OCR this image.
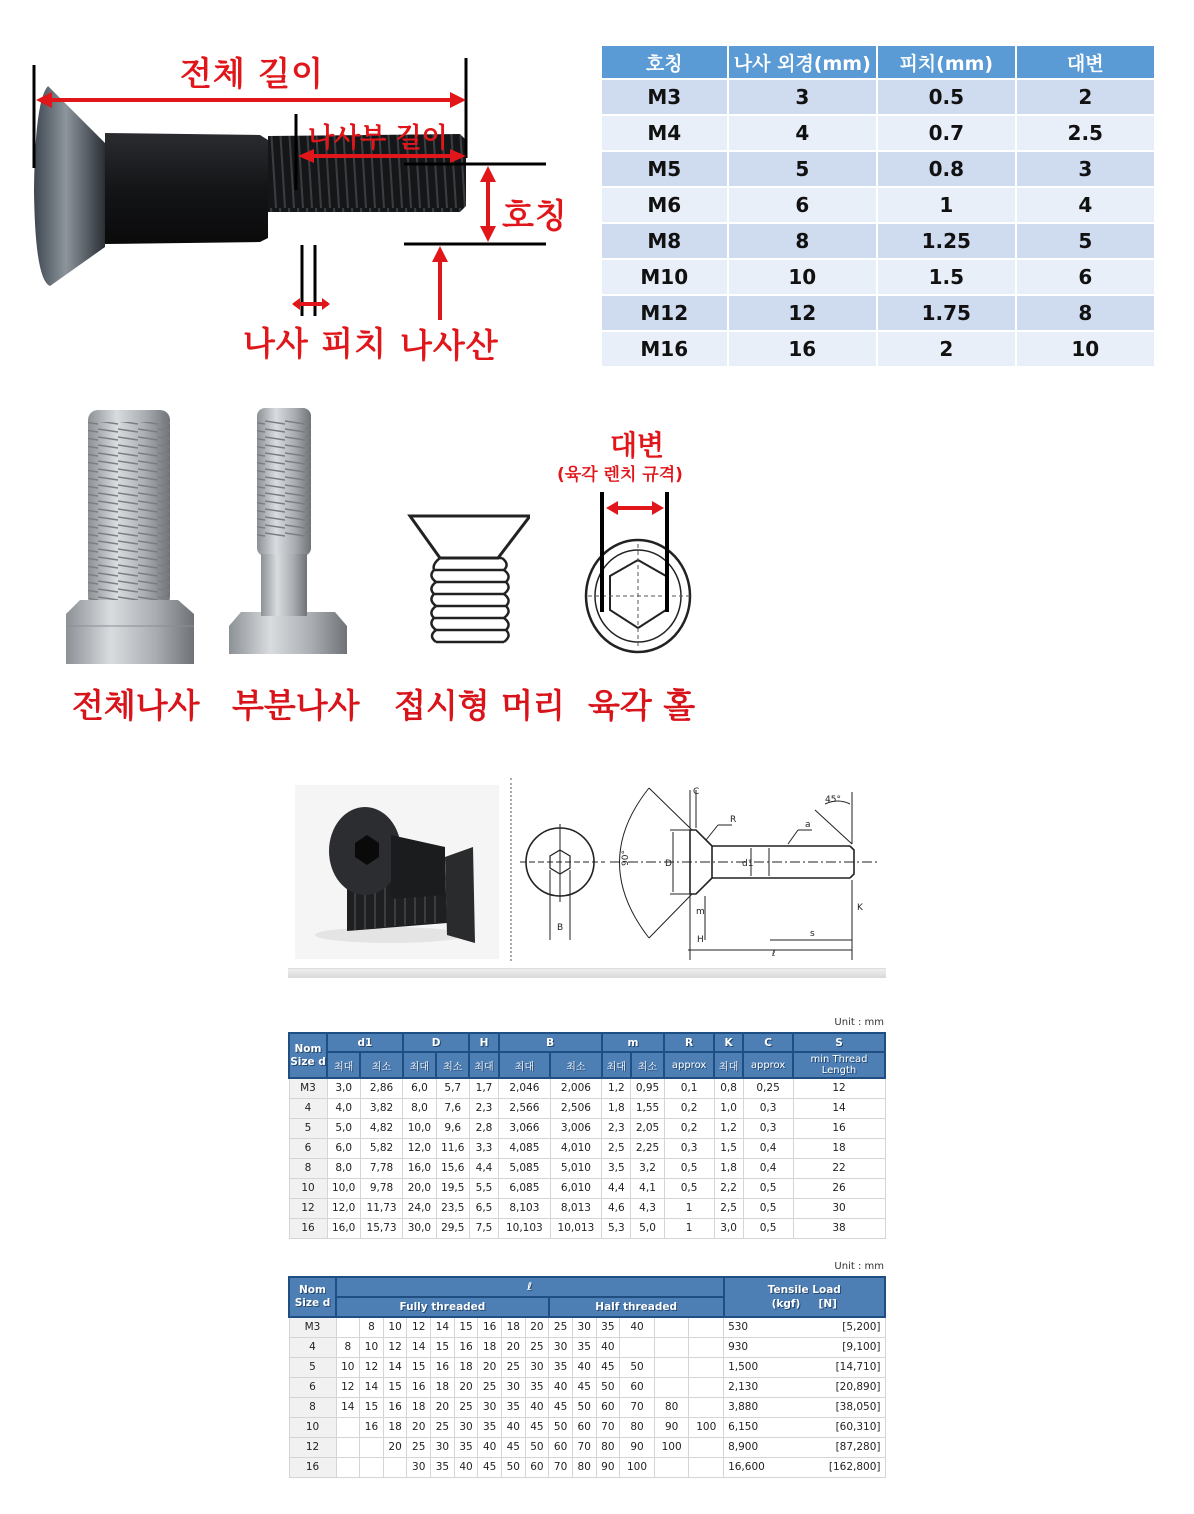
전체 길이
나사부 길이
호칭
나사 피치 나사산
호칭	나사 외경(mm)	피치(mm)	대변
M3	3	0.5	2
M4	4	0.7	2.5
M5	5	0.8	3
M6	6	1	4
M8	8	1.25	5
M10	10	1.5	6
M12	12	1.75	8
M16	16	2	10
대변
(육각 렌치 규격)
전체나사 부분나사 접시형 머리 육각 홀
C
R	a
45°
90°	D	d1
m
H
B
K
s
ℓ
Unit : mm
Nom Size d	d1		D		H	B		m		R	K	C	S
	최대	최소	최대	최소	최대	최대	최소	최대	최소	approx	최대	approx	min Thread Length
M3	3,0	2,86	6,0	5,7	1,7	2,046	2,006	1,2	0,95	0,1	0,8	0,25	12
4	4,0	3,82	8,0	7,6	2,3	2,566	2,506	1,8	1,55	0,2	1,0	0,3	14
5	5,0	4,82	10,0	9,6	2,8	3,066	3,006	2,3	2,05	0,2	1,2	0,3	16
6	6,0	5,82	12,0	11,6	3,3	4,085	4,010	2,5	2,25	0,3	1,5	0,4	18
8	8,0	7,78	16,0	15,6	4,4	5,085	5,010	3,5	3,2	0,5	1,8	0,4	22
10	10,0	9,78	20,0	19,5	5,5	6,085	6,010	4,4	4,1	0,5	2,2	0,5	26
12	12,0	11,73	24,0	23,5	6,5	8,103	8,013	4,6	4,3	1	2,5	0,5	30
16	16,0	15,73	30,0	29,5	7,5	10,103	10,013	5,3	5,0	1	3,0	0,5	38
Unit : mm
Nom Size d	ℓ															Tensile Load
(kgf)     [N]	

	Fully threaded									Half threaded							
M3		8	10	12	14	15	16	18	20	25	30	35	40			530	[5,200]
4	8	10	12	14	15	16	18	20	25	30	35	40				930	[9,100]
5	10	12	14	15	16	18	20	25	30	35	40	45	50			1,500	[14,710]
6	12	14	15	16	18	20	25	30	35	40	45	50	60			2,130	[20,890]
8	14	15	16	18	20	25	30	35	40	45	50	60	70	80		3,880	[38,050]
10		16	18	20	25	30	35	40	45	50	60	70	80	90	100	6,150	[60,310]
12			20	25	30	35	40	45	50	60	70	80	90	100		8,900	[87,280]
16				30	35	40	45	50	60	70	80	90	100			16,600	[162,800]
